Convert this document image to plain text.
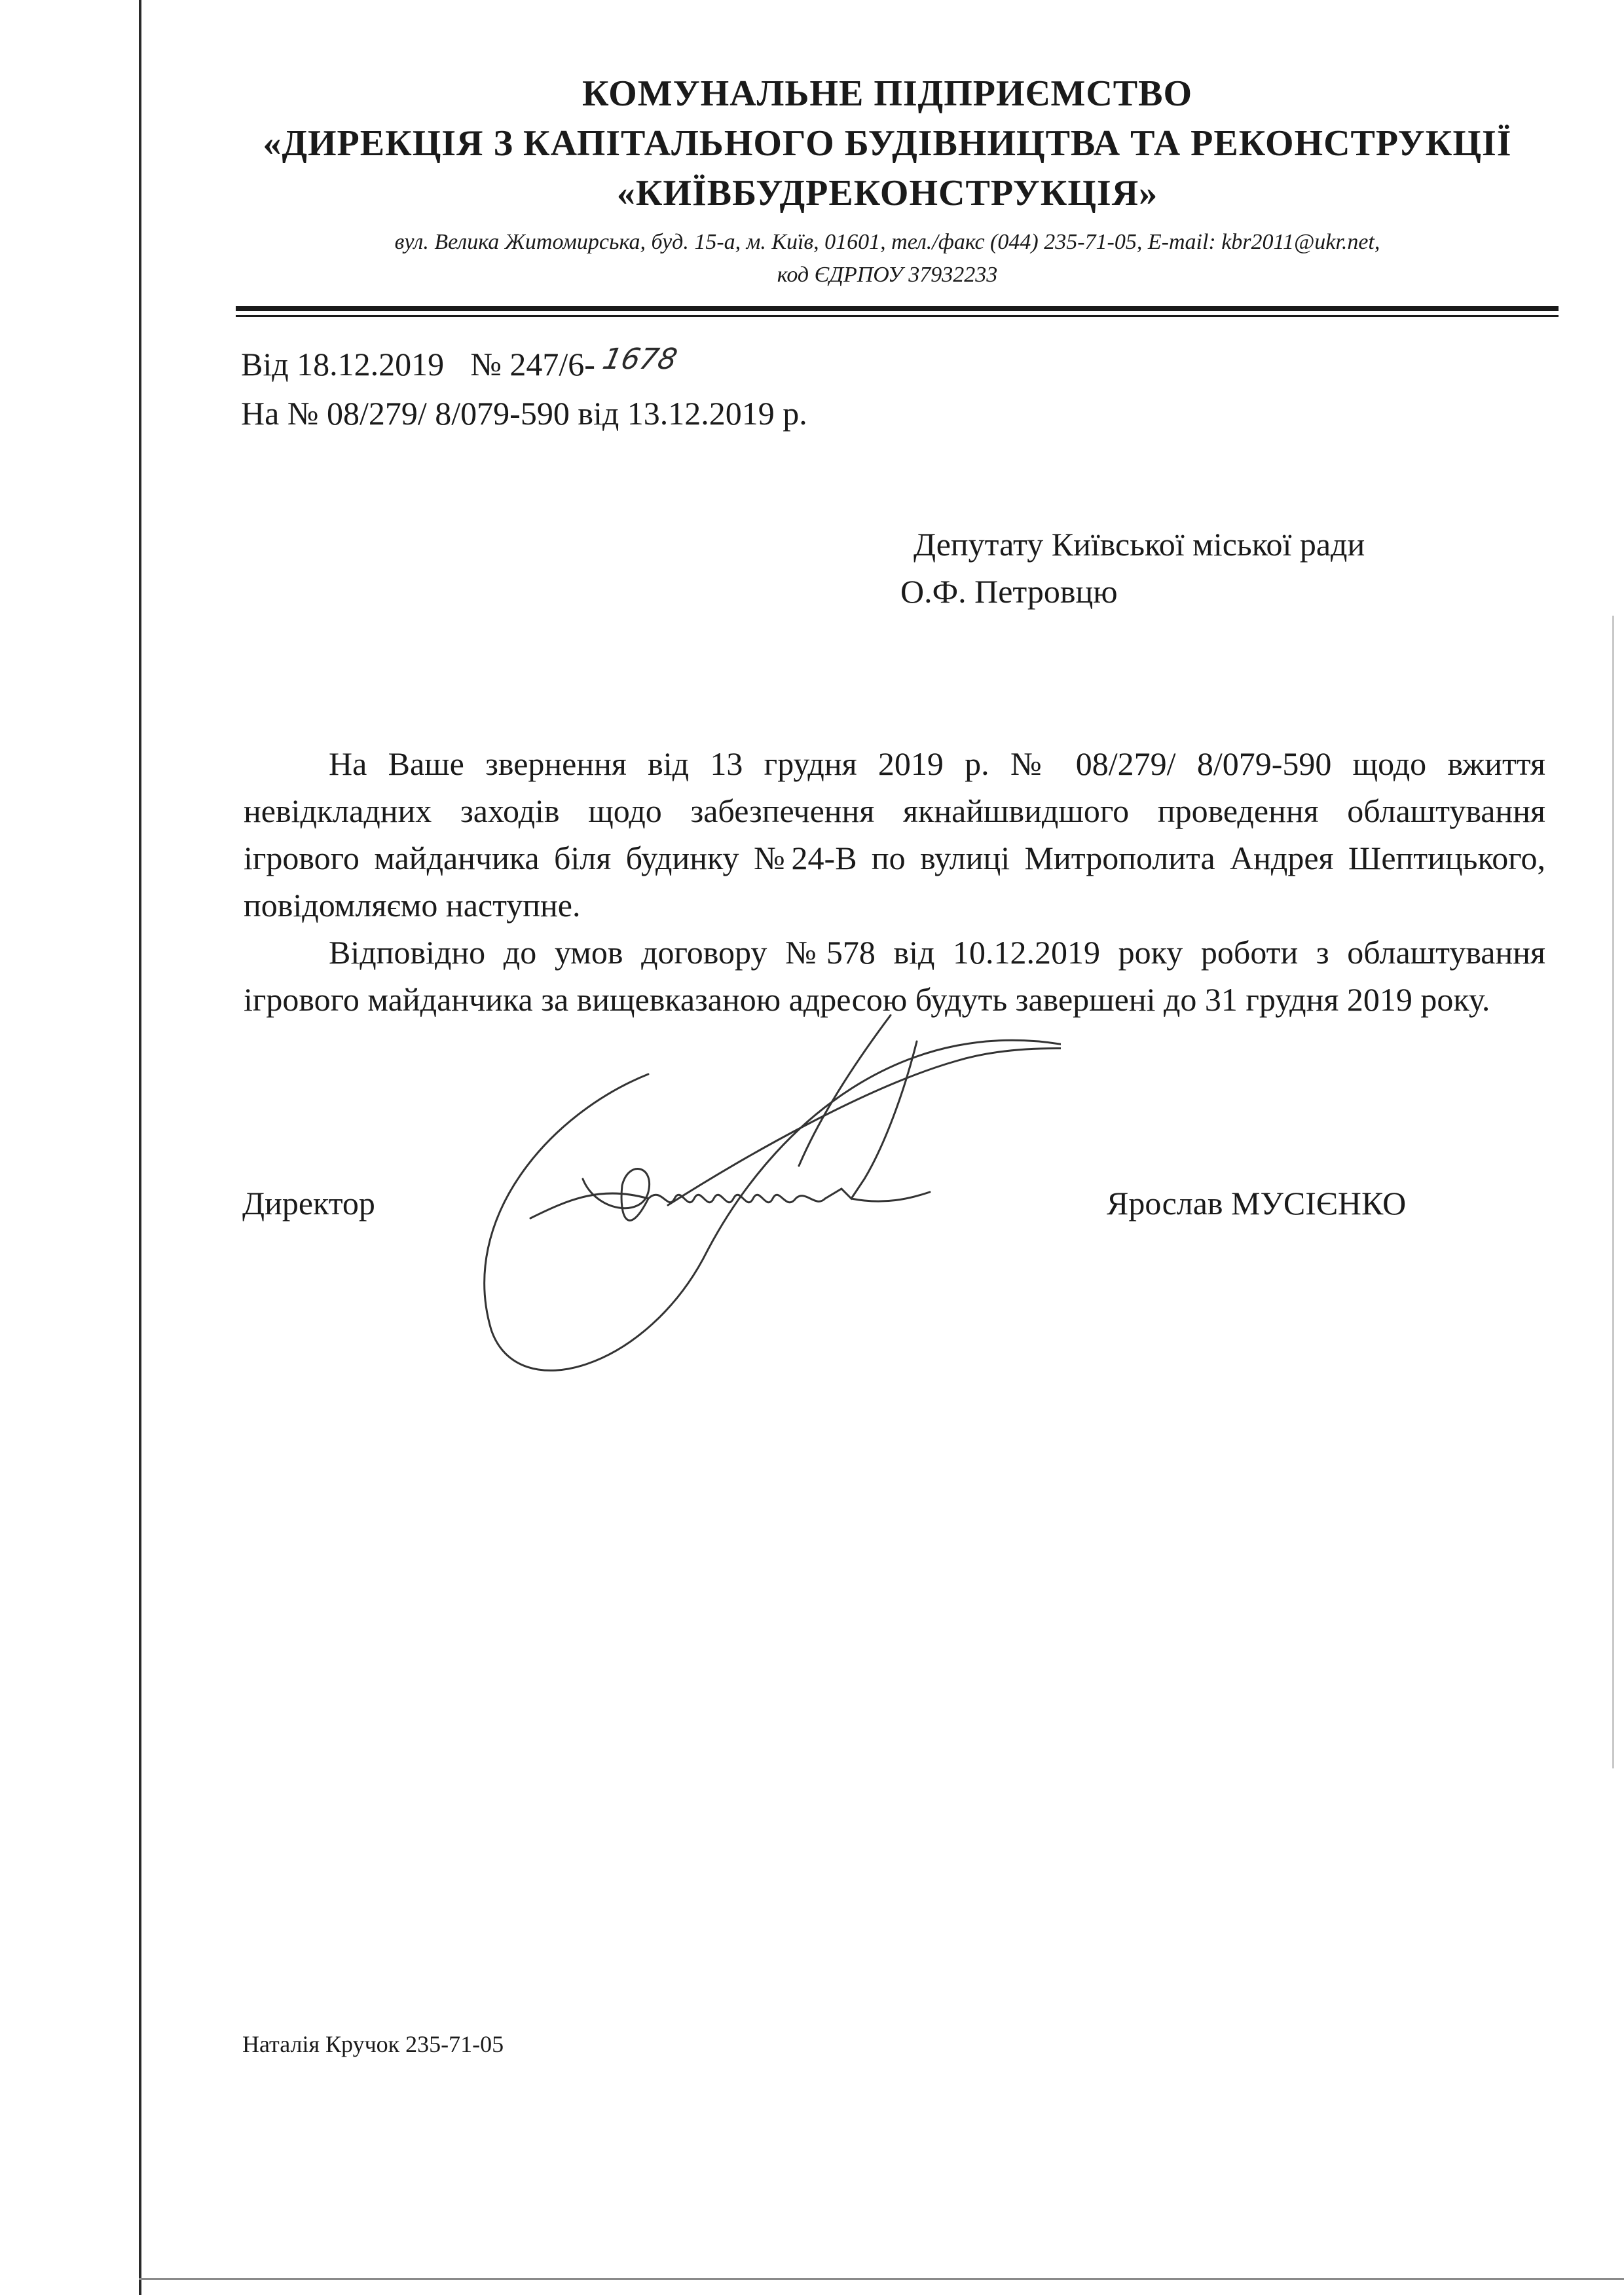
КОМУНАЛЬНЕ ПІДПРИЄМСТВО
«ДИРЕКЦІЯ З КАПІТАЛЬНОГО БУДІВНИЦТВА ТА РЕКОНСТРУКЦІЇ
«КИЇВБУДРЕКОНСТРУКЦІЯ»
вул. Велика Житомирська, буд. 15-а, м. Київ, 01601, тел./факс (044) 235-71-05, E-mail: kbr2011@ukr.net,
код ЄДРПОУ 37932233
Від 18.12.2019 № 247/6- 1678
На № 08/279/ 8/079-590 від 13.12.2019 р.
Депутату Київської міської ради
О.Ф. Петровцю

На Ваше звернення від 13 грудня 2019 р. № 08/279/ 8/079-590 щодо вжиття невідкладних заходів щодо забезпечення якнайшвидшого проведення облаштування ігрового майданчика біля будинку №24-В по вулиці Митрополита Андрея Шептицького, повідомляємо наступне.

Відповідно до умов договору №578 від 10.12.2019 року роботи з облаштування ігрового майданчика за вищевказаною адресою будуть завершені до 31 грудня 2019 року.

Директор	Ярослав МУСІЄНКО
Наталія Кручок 235-71-05
